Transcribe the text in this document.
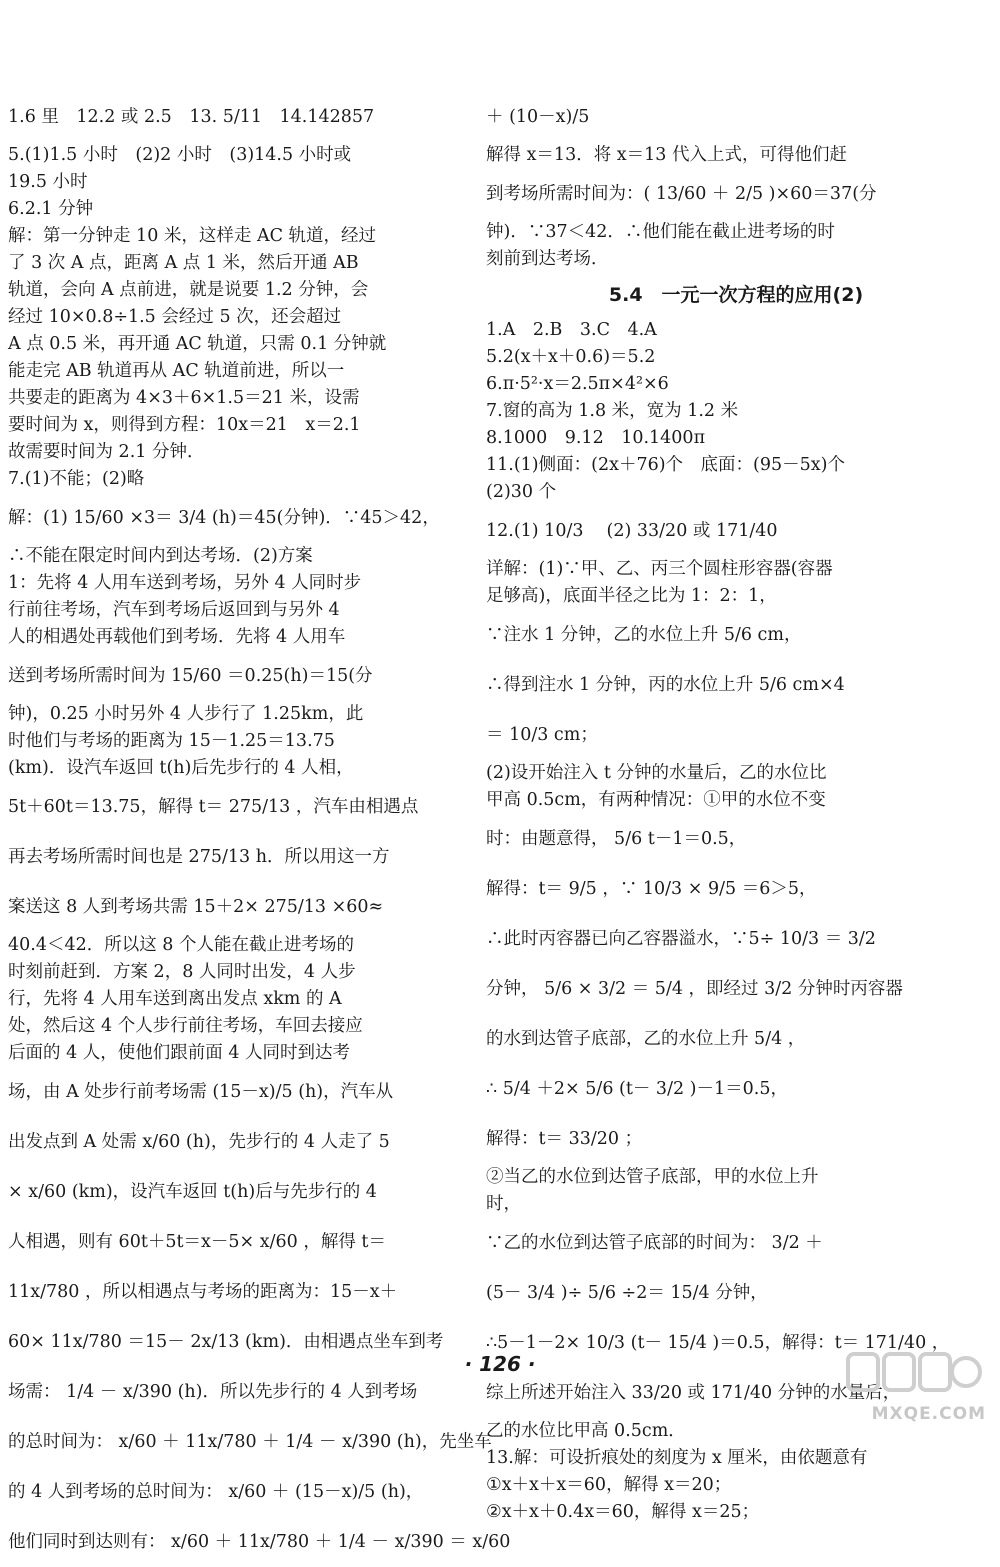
1.6 里　12.2 或 2.5　13. 5/11　14.142857
5.(1)1.5 小时　(2)2 小时　(3)14.5 小时或
19.5 小时
6.2.1 分钟
解：第一分钟走 10 米，这样走 AC 轨道，经过
了 3 次 A 点，距离 A 点 1 米，然后开通 AB
轨道，会向 A 点前进，就是说要 1.2 分钟，会
经过 10×0.8÷1.5 会经过 5 次，还会超过
A 点 0.5 米，再开通 AC 轨道，只需 0.1 分钟就
能走完 AB 轨道再从 AC 轨道前进，所以一
共要走的距离为 4×3＋6×1.5＝21 米，设需
要时间为 x，则得到方程：10x＝21　x＝2.1
故需要时间为 2.1 分钟．
7.(1)不能；(2)略
解：(1) 15/60 ×3＝ 3/4 (h)＝45(分钟)．∵45＞42，
∴不能在限定时间内到达考场．(2)方案
1：先将 4 人用车送到考场，另外 4 人同时步
行前往考场，汽车到考场后返回到与另外 4
人的相遇处再载他们到考场．先将 4 人用车
送到考场所需时间为 15/60 ＝0.25(h)＝15(分
钟)，0.25 小时另外 4 人步行了 1.25km，此
时他们与考场的距离为 15－1.25＝13.75
(km)．设汽车返回 t(h)后先步行的 4 人相，
5t＋60t＝13.75，解得 t＝ 275/13 ，汽车由相遇点
再去考场所需时间也是 275/13 h．所以用这一方
案送这 8 人到考场共需 15＋2× 275/13 ×60≈
40.4＜42．所以这 8 个人能在截止进考场的
时刻前赶到．方案 2，8 人同时出发，4 人步
行，先将 4 人用车送到离出发点 xkm 的 A
处，然后这 4 个人步行前往考场，车回去接应
后面的 4 人，使他们跟前面 4 人同时到达考
场，由 A 处步行前考场需 (15－x)/5 (h)，汽车从
出发点到 A 处需 x/60 (h)，先步行的 4 人走了 5
× x/60 (km)，设汽车返回 t(h)后与先步行的 4
人相遇，则有 60t＋5t＝x－5× x/60 ，解得 t＝
11x/780 ，所以相遇点与考场的距离为：15－x＋
60× 11x/780 ＝15－ 2x/13 (km)．由相遇点坐车到考
场需： 1/4 － x/390 (h)．所以先步行的 4 人到考场
的总时间为： x/60 ＋ 11x/780 ＋ 1/4 － x/390 (h)，先坐车
的 4 人到考场的总时间为： x/60 ＋ (15－x)/5 (h)，
他们同时到达则有： x/60 ＋ 11x/780 ＋ 1/4 － x/390 ＝ x/60
＋ (10－x)/5
解得 x＝13．将 x＝13 代入上式，可得他们赶
到考场所需时间为：( 13/60 ＋ 2/5 )×60＝37(分
钟)．∵37＜42．∴他们能在截止进考场的时
刻前到达考场．
5.4　一元一次方程的应用(2)
1.A　2.B　3.C　4.A
5.2(x＋x＋0.6)＝5.2
6.π·5²·x＝2.5π×4²×6
7.窗的高为 1.8 米，宽为 1.2 米
8.1000　9.12　10.1400π
11.(1)侧面：(2x＋76)个　底面：(95－5x)个
(2)30 个
12.(1) 10/3 　(2) 33/20 或 171/40
详解：(1)∵甲、乙、丙三个圆柱形容器(容器
足够高)，底面半径之比为 1：2：1，
∵注水 1 分钟，乙的水位上升 5/6 cm，
∴得到注水 1 分钟，丙的水位上升 5/6 cm×4
＝ 10/3 cm；
(2)设开始注入 t 分钟的水量后，乙的水位比
甲高 0.5cm，有两种情况：①甲的水位不变
时：由题意得， 5/6 t－1＝0.5，
解得：t＝ 9/5 ，∵ 10/3 × 9/5 ＝6＞5，
∴此时丙容器已向乙容器溢水，∵5÷ 10/3 ＝ 3/2
分钟， 5/6 × 3/2 ＝ 5/4 ，即经过 3/2 分钟时丙容器
的水到达管子底部，乙的水位上升 5/4 ，
∴ 5/4 ＋2× 5/6 (t－ 3/2 )－1＝0.5，
解得：t＝ 33/20 ；
②当乙的水位到达管子底部，甲的水位上升
时，
∵乙的水位到达管子底部的时间为： 3/2 ＋
(5－ 3/4 )÷ 5/6 ÷2＝ 15/4 分钟，
∴5－1－2× 10/3 (t－ 15/4 )＝0.5，解得：t＝ 171/40 ，
综上所述开始注入 33/20 或 171/40 分钟的水量后，
乙的水位比甲高 0.5cm．
13.解：可设折痕处的刻度为 x 厘米，由依题意有
①x＋x＋x＝60，解得 x＝20；
②x＋x＋0.4x＝60，解得 x＝25；
· 126 ·
MXQE.COM
